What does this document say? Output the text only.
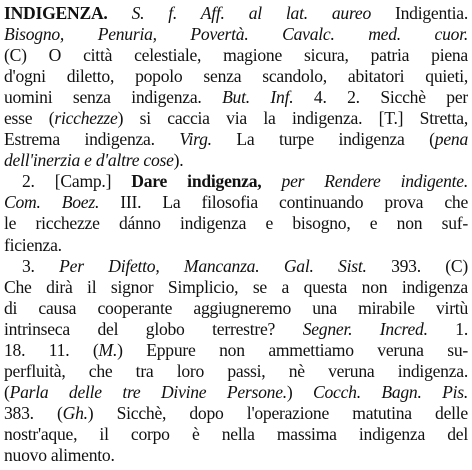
INDIGENZA. S. f. Aff. al lat. aureo Indigentia.
Bisogno, Penuria, Povertà. Cavalc. med. cuor.
(C) O città celestiale, magione sicura, patria piena
d'ogni diletto, popolo senza scandolo, abitatori quieti,
uomini senza indigenza. But. Inf. 4. 2. Sicchè per
esse (ricchezze) si caccia via la indigenza. [T.] Stretta,
Estrema indigenza. Virg. La turpe indigenza (pena
dell'inerzia e d'altre cose).
2. [Camp.] Dare indigenza, per Rendere indigente.
Com. Boez. III. La filosofia continuando prova che
le ricchezze dánno indigenza e bisogno, e non suf-
ficienza.
3. Per Difetto, Mancanza. Gal. Sist. 393. (C)
Che dirà il signor Simplicio, se a questa non indigenza
di causa cooperante aggiugneremo una mirabile virtù
intrinseca del globo terrestre? Segner. Incred. 1.
18. 11. (M.) Eppure non ammettiamo veruna su-
perfluità, che tra loro passi, nè veruna indigenza.
(Parla delle tre Divine Persone.) Cocch. Bagn. Pis.
383. (Gh.) Sicchè, dopo l'operazione matutina delle
nostr'aque, il corpo è nella massima indigenza del
nuovo alimento.
